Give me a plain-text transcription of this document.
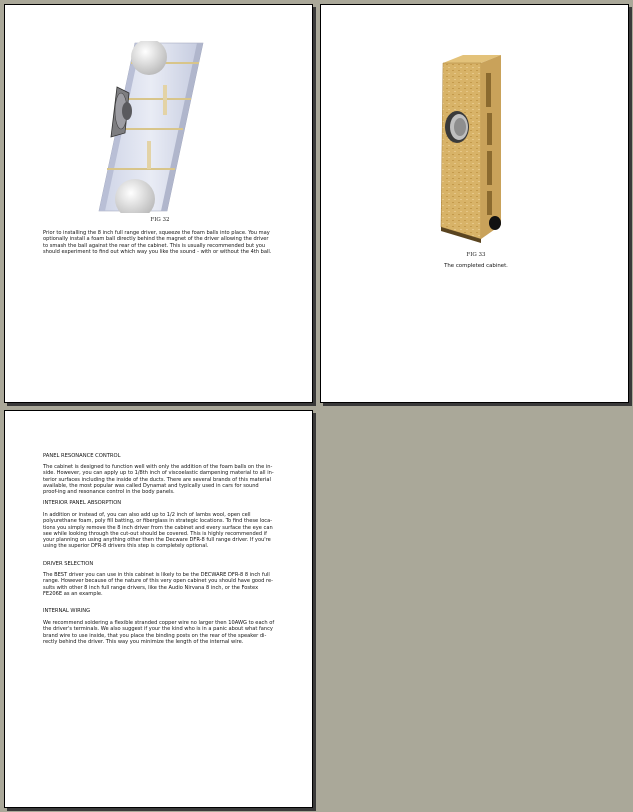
FIG 32

Prior to installing the 8 inch full range driver, squeeze the foam balls into place. You may optionally install a foam ball directly behind the magnet of the driver allowing the driver to smash the ball against the rear of the cabinet. This is usually recommended but you should experiment to find out which way you like the sound - with or without the 4th ball.

FIG 33
The completed cabinet.
PANEL RESONANCE CONTROL

The cabinet is designed to function well with only the addition of the foam balls on the in-side. However, you can apply up to 1/8th inch of viscoelastic dampening material to all in-terior surfaces including the inside of the ducts. There are several brands of this material available, the most popular was called Dynamat and typically used in cars for sound proof-ing and resonance control in the body panels.

INTERIOR PANEL ABSORPTION

In addition or instead of, you can also add up to 1/2 inch of lambs wool, open cell polyurethane foam, poly fill batting, or fiberglass in strategic locations. To find these loca-tions you simply remove the 8 inch driver from the cabinet and every surface the eye can see while looking through the cut-out should be covered. This is highly recommended if your planning on using anything other then the Decware DFR-8 full range driver. If you're using the superior DFR-8 drivers this step is completely optional.

DRIVER SELECTION

The BEST driver you can use in this cabinet is likely to be the DECWARE DFR-8 8 inch full range. However because of the nature of this very open cabinet you should have good re-sults with other 8 inch full range drivers, like the Audio Nirvana 8 inch, or the Fostex FE206E as an example.

INTERNAL WIRING

We recommend soldering a flexible stranded copper wire no larger then 10AWG to each of the driver's terminals. We also suggest if your the kind who is in a panic about what fancy brand wire to use inside, that you place the binding posts on the rear of the speaker di-rectly behind the driver. This way you minimize the length of the internal wire.
